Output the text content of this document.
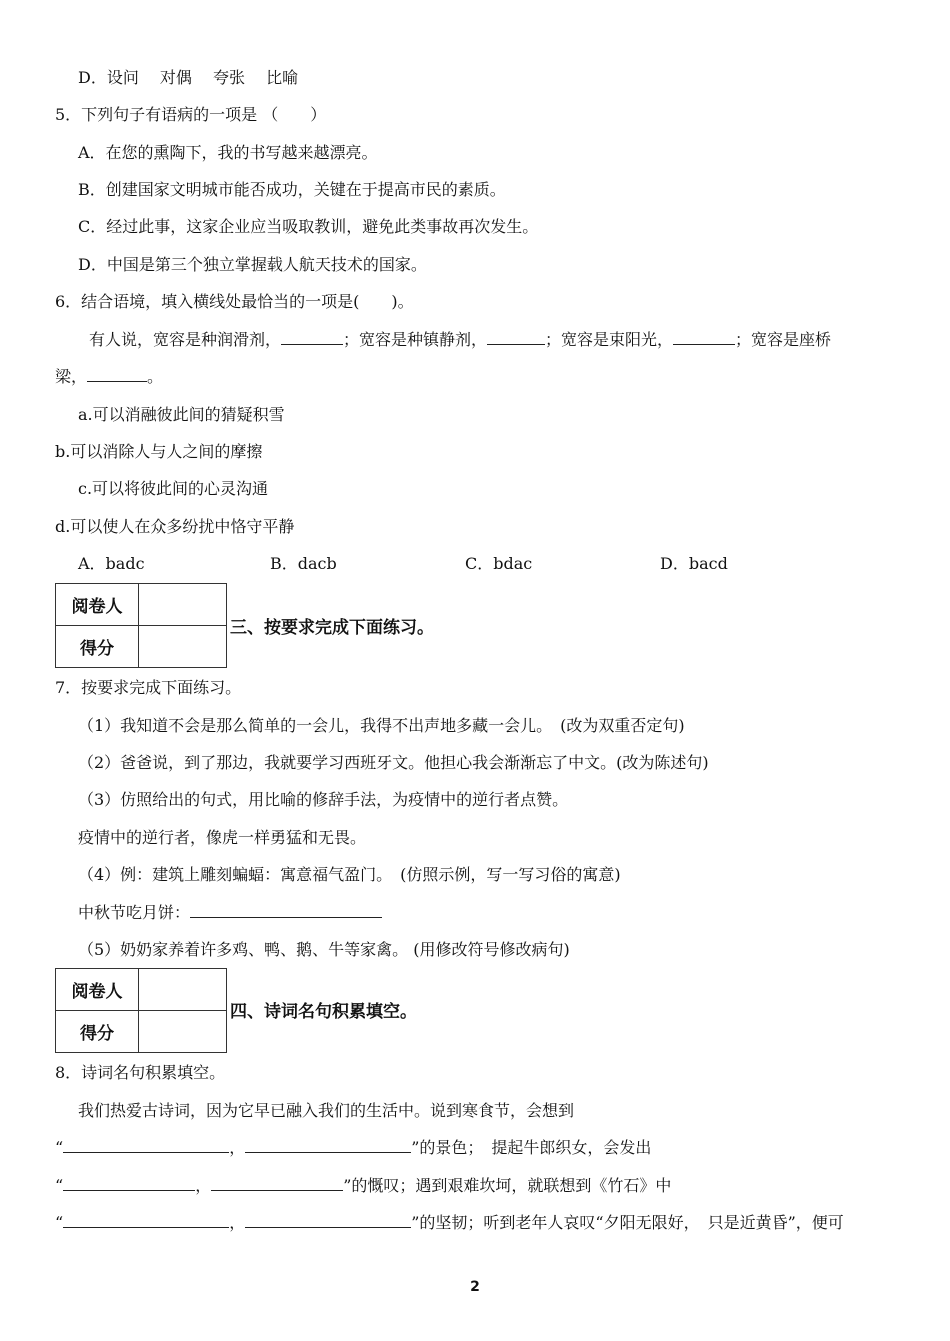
D．设问　 对偶　 夸张　 比喻
5．下列句子有语病的一项是 （　　）
A．在您的熏陶下，我的书写越来越漂亮。
B．创建国家文明城市能否成功，关键在于提高市民的素质。
C．经过此事，这家企业应当吸取教训，避免此类事故再次发生。
D．中国是第三个独立掌握载人航天技术的国家。
6．结合语境，填入横线处最恰当的一项是(　　)。
有人说，宽容是种润滑剂，	；宽容是种镇静剂，	；宽容是束阳光，	；宽容是座桥
梁，	。
a.可以消融彼此间的猜疑积雪
b.可以消除人与人之间的摩擦
c.可以将彼此间的心灵沟通
d.可以使人在众多纷扰中恪守平静
A．badc	B．dacb	C．bdac	D．bacd
阅卷人	
得分	
三、按要求完成下面练习。
7．按要求完成下面练习。
（1）我知道不会是那么简单的一会儿，我得不出声地多藏一会儿。　(改为双重否定句)
（2）爸爸说，到了那边，我就要学习西班牙文。他担心我会渐渐忘了中文。(改为陈述句)
（3）仿照给出的句式，用比喻的修辞手法，为疫情中的逆行者点赞。
疫情中的逆行者，像虎一样勇猛和无畏。
（4）例：建筑上雕刻蝙蝠：寓意福气盈门。　(仿照示例，写一写习俗的寓意)
中秋节吃月饼：
（5）奶奶家养着许多鸡、鸭、鹅、牛等家禽。 (用修改符号修改病句)
阅卷人	
得分	
四、诗词名句积累填空。
8．诗词名句积累填空。
我们热爱古诗词，因为它早已融入我们的生活中。说到寒食节，会想到
“	，	”的景色；　提起牛郎织女，会发出
“	，	”的慨叹；遇到艰难坎坷，就联想到《竹石》中
“	，	”的坚韧；听到老年人哀叹“夕阳无限好，　只是近黄昏”，便可
2
